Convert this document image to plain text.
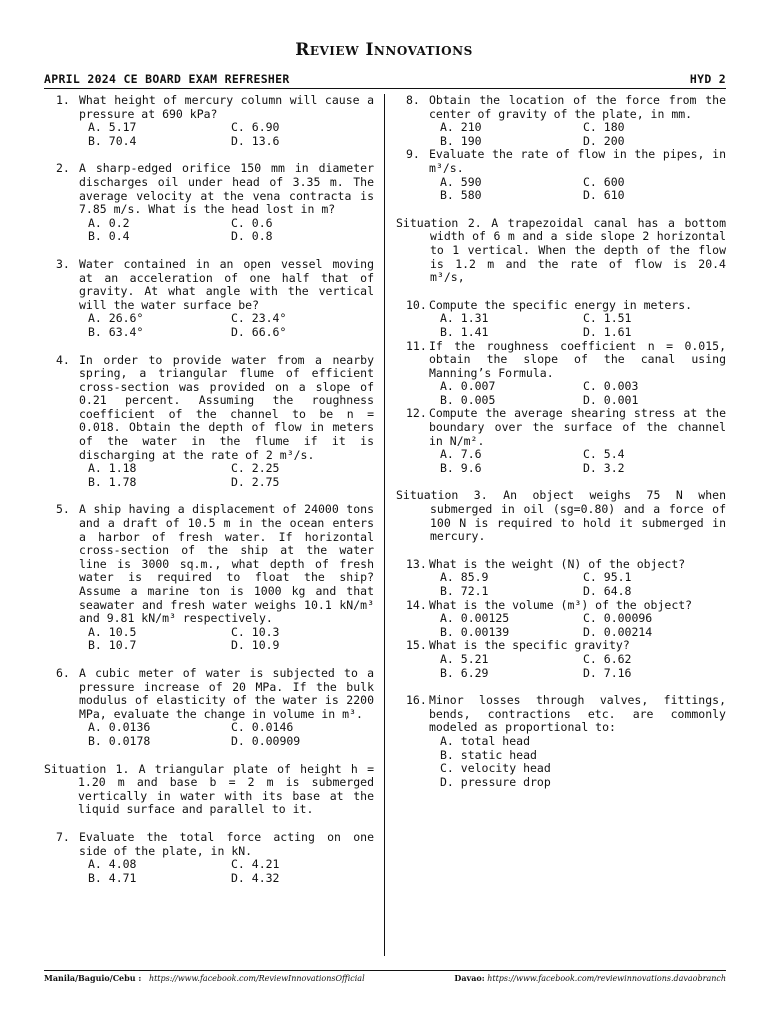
Review Innovations
APRIL 2024 CE BOARD EXAM REFRESHER	HYD 2
1. What height of mercury column will cause a pressure at 690 kPa?
A. 5.17	C. 6.90
B. 70.4	D. 13.6
2. A sharp-edged orifice 150 mm in diameter discharges oil under head of 3.35 m. The average velocity at the vena contracta is 7.85 m/s. What is the head lost in m?
A. 0.2	C. 0.6
B. 0.4	D. 0.8
3. Water contained in an open vessel moving at an acceleration of one half that of gravity. At what angle with the vertical will the water surface be?
A. 26.6°	C. 23.4°
B. 63.4°	D. 66.6°
4. In order to provide water from a nearby spring, a triangular flume of efficient cross-section was provided on a slope of 0.21 percent. Assuming the roughness coefficient of the channel to be n = 0.018. Obtain the depth of flow in meters of the water in the flume if it is discharging at the rate of 2 m³/s.
A. 1.18	C. 2.25
B. 1.78	D. 2.75
5. A ship having a displacement of 24000 tons and a draft of 10.5 m in the ocean enters a harbor of fresh water. If horizontal cross-section of the ship at the water line is 3000 sq.m., what depth of fresh water is required to float the ship? Assume a marine ton is 1000 kg and that seawater and fresh water weighs 10.1 kN/m³ and 9.81 kN/m³ respectively.
A. 10.5	C. 10.3
B. 10.7	D. 10.9
6. A cubic meter of water is subjected to a pressure increase of 20 MPa. If the bulk modulus of elasticity of the water is 2200 MPa, evaluate the change in volume in m³.
A. 0.0136	C. 0.0146
B. 0.0178	D. 0.00909
Situation 1. A triangular plate of height h = 1.20 m and base b = 2 m is submerged vertically in water with its base at the liquid surface and parallel to it.
7. Evaluate the total force acting on one side of the plate, in kN.
A. 4.08	C. 4.21
B. 4.71	D. 4.32
8. Obtain the location of the force from the center of gravity of the plate, in mm.
A. 210	C. 180
B. 190	D. 200
9. Evaluate the rate of flow in the pipes, in m³/s.
A. 590	C. 600
B. 580	D. 610
Situation 2. A trapezoidal canal has a bottom width of 6 m and a side slope 2 horizontal to 1 vertical. When the depth of the flow is 1.2 m and the rate of flow is 20.4 m³/s,
10. Compute the specific energy in meters.
A. 1.31	C. 1.51
B. 1.41	D. 1.61
11. If the roughness coefficient n = 0.015, obtain the slope of the canal using Manning’s Formula.
A. 0.007	C. 0.003
B. 0.005	D. 0.001
12. Compute the average shearing stress at the boundary over the surface of the channel in N/m².
A. 7.6	C. 5.4
B. 9.6	D. 3.2
Situation 3. An object weighs 75 N when submerged in oil (sg=0.80) and a force of 100 N is required to hold it submerged in mercury.
13. What is the weight (N) of the object?
A. 85.9	C. 95.1
B. 72.1	D. 64.8
14. What is the volume (m³) of the object?
A. 0.00125	C. 0.00096
B. 0.00139	D. 0.00214
15. What is the specific gravity?
A. 5.21	C. 6.62
B. 6.29	D. 7.16
16. Minor losses through valves, fittings, bends, contractions etc. are commonly modeled as proportional to:
A. total head
B. static head
C. velocity head
D. pressure drop
Manila/Baguio/Cebu : https://www.facebook.com/ReviewInnovationsOfficial	Davao: https://www.facebook.com/reviewinnovations.davaobranch
